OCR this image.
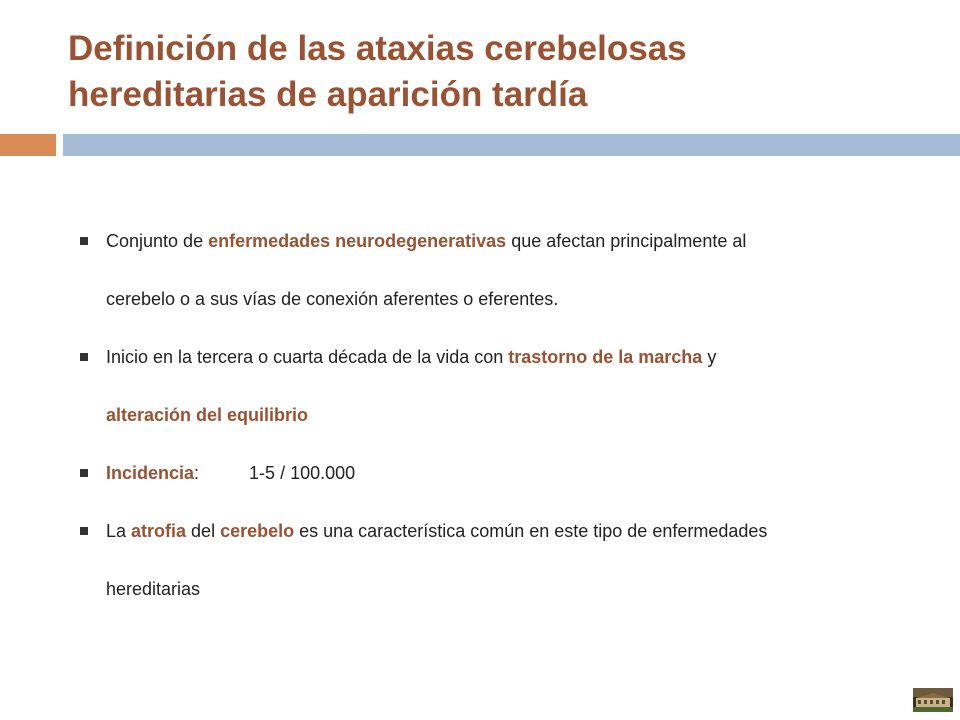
Definición de las ataxias cerebelosas
hereditarias de aparición tardía

Conjunto de enfermedades neurodegenerativas que afectan principalmente al

cerebelo o a sus vías de conexión aferentes o eferentes.

Inicio en la tercera o cuarta década de la vida con trastorno de la marcha y

alteración del equilibrio

Incidencia:	1-5 / 100.000

La atrofia del cerebelo es una característica común en este tipo de enfermedades

hereditarias
